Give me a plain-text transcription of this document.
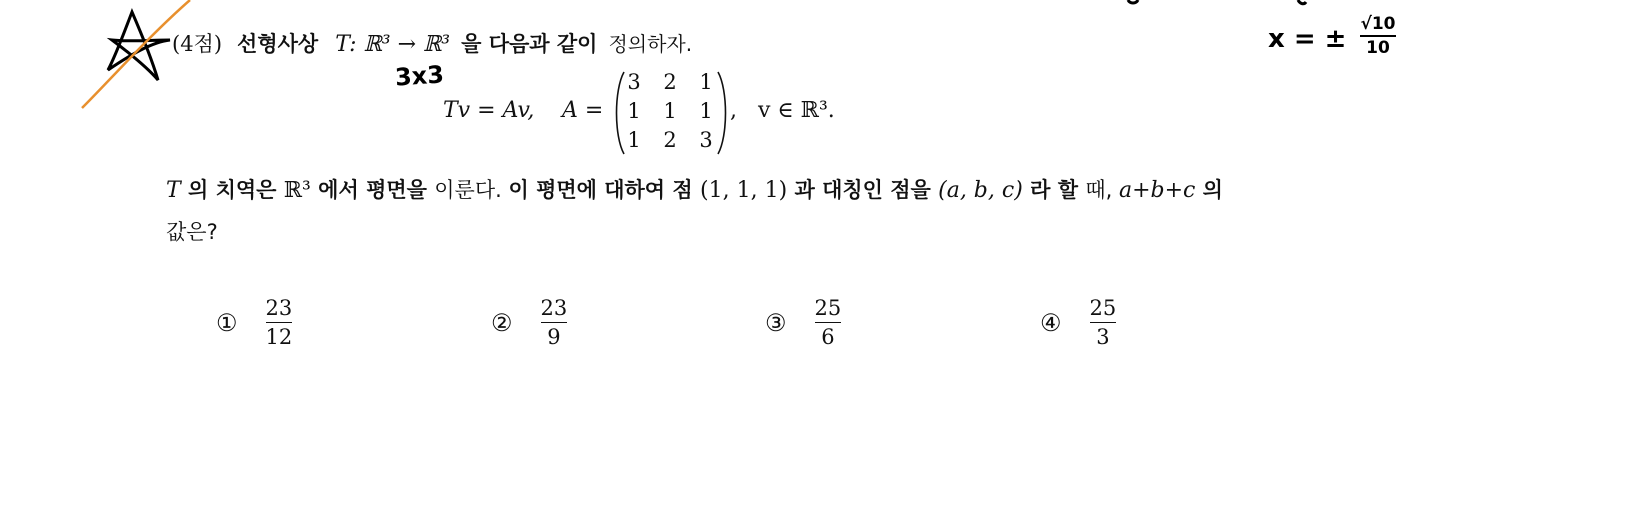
(4점) 선형사상 T: ℝ³ → ℝ³ 을 다음과 같이 정의하자.
3x3
x = ± √10
10
Tv = Av, A =
3	2	1
1	1	1
1	2	3
,   v ∈ ℝ³.
T 의 치역은 ℝ³ 에서 평면을 이룬다. 이 평면에 대하여 점 (1, 1, 1) 과 대칭인 점을 (a, b, c) 라 할 때, a+b+c 의
값은?
① $\frac{23}{12}$	② $\frac{23}{9}$	③ $\frac{25}{6}$	④ $\frac{25}{3}$
